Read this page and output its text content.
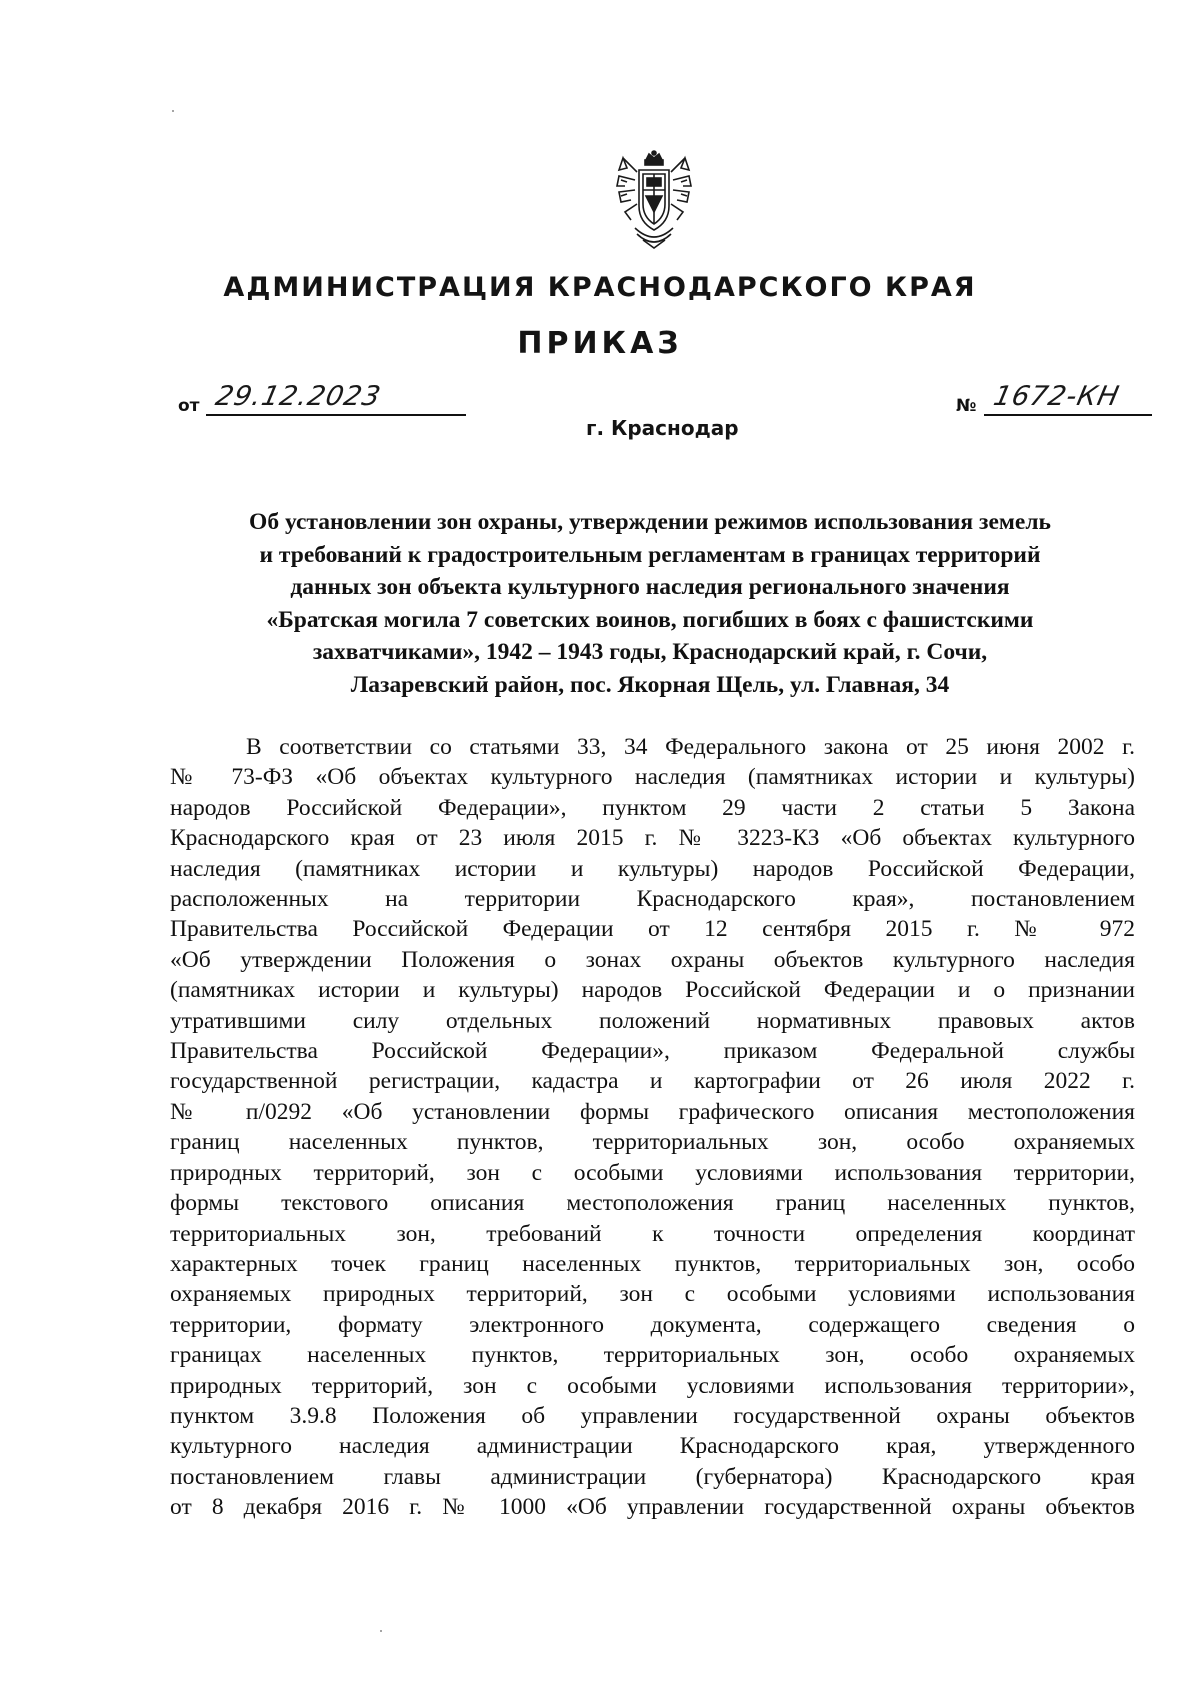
АДМИНИСТРАЦИЯ КРАСНОДАРСКОГО КРАЯ
ПРИКАЗ
от 29.12.2023
г. Краснодар
№ 1672-КН
Об установлении зон охраны, утверждении режимов использования земель
и требований к градостроительным регламентам в границах территорий
данных зон объекта культурного наследия регионального значения
«Братская могила 7 советских воинов, погибших в боях с фашистскими
захватчиками», 1942 – 1943 годы, Краснодарский край, г. Сочи,
Лазаревский район, пос. Якорная Щель, ул. Главная, 34
В соответствии со статьями 33, 34 Федерального закона от 25 июня 2002 г.
№ 73-ФЗ «Об объектах культурного наследия (памятниках истории и культуры)
народов Российской Федерации», пунктом 29 части 2 статьи 5 Закона
Краснодарского края от 23 июля 2015 г. № 3223-КЗ «Об объектах культурного
наследия (памятниках истории и культуры) народов Российской Федерации,
расположенных на территории Краснодарского края», постановлением
Правительства Российской Федерации от 12 сентября 2015 г. № 972
«Об утверждении Положения о зонах охраны объектов культурного наследия
(памятниках истории и культуры) народов Российской Федерации и о признании
утратившими силу отдельных положений нормативных правовых актов
Правительства Российской Федерации», приказом Федеральной службы
государственной регистрации, кадастра и картографии от 26 июля 2022 г.
№ п/0292 «Об установлении формы графического описания местоположения
границ населенных пунктов, территориальных зон, особо охраняемых
природных территорий, зон с особыми условиями использования территории,
формы текстового описания местоположения границ населенных пунктов,
территориальных зон, требований к точности определения координат
характерных точек границ населенных пунктов, территориальных зон, особо
охраняемых природных территорий, зон с особыми условиями использования
территории, формату электронного документа, содержащего сведения о
границах населенных пунктов, территориальных зон, особо охраняемых
природных территорий, зон с особыми условиями использования территории»,
пунктом 3.9.8 Положения об управлении государственной охраны объектов
культурного наследия администрации Краснодарского края, утвержденного
постановлением главы администрации (губернатора) Краснодарского края
от 8 декабря 2016 г. № 1000 «Об управлении государственной охраны объектов
